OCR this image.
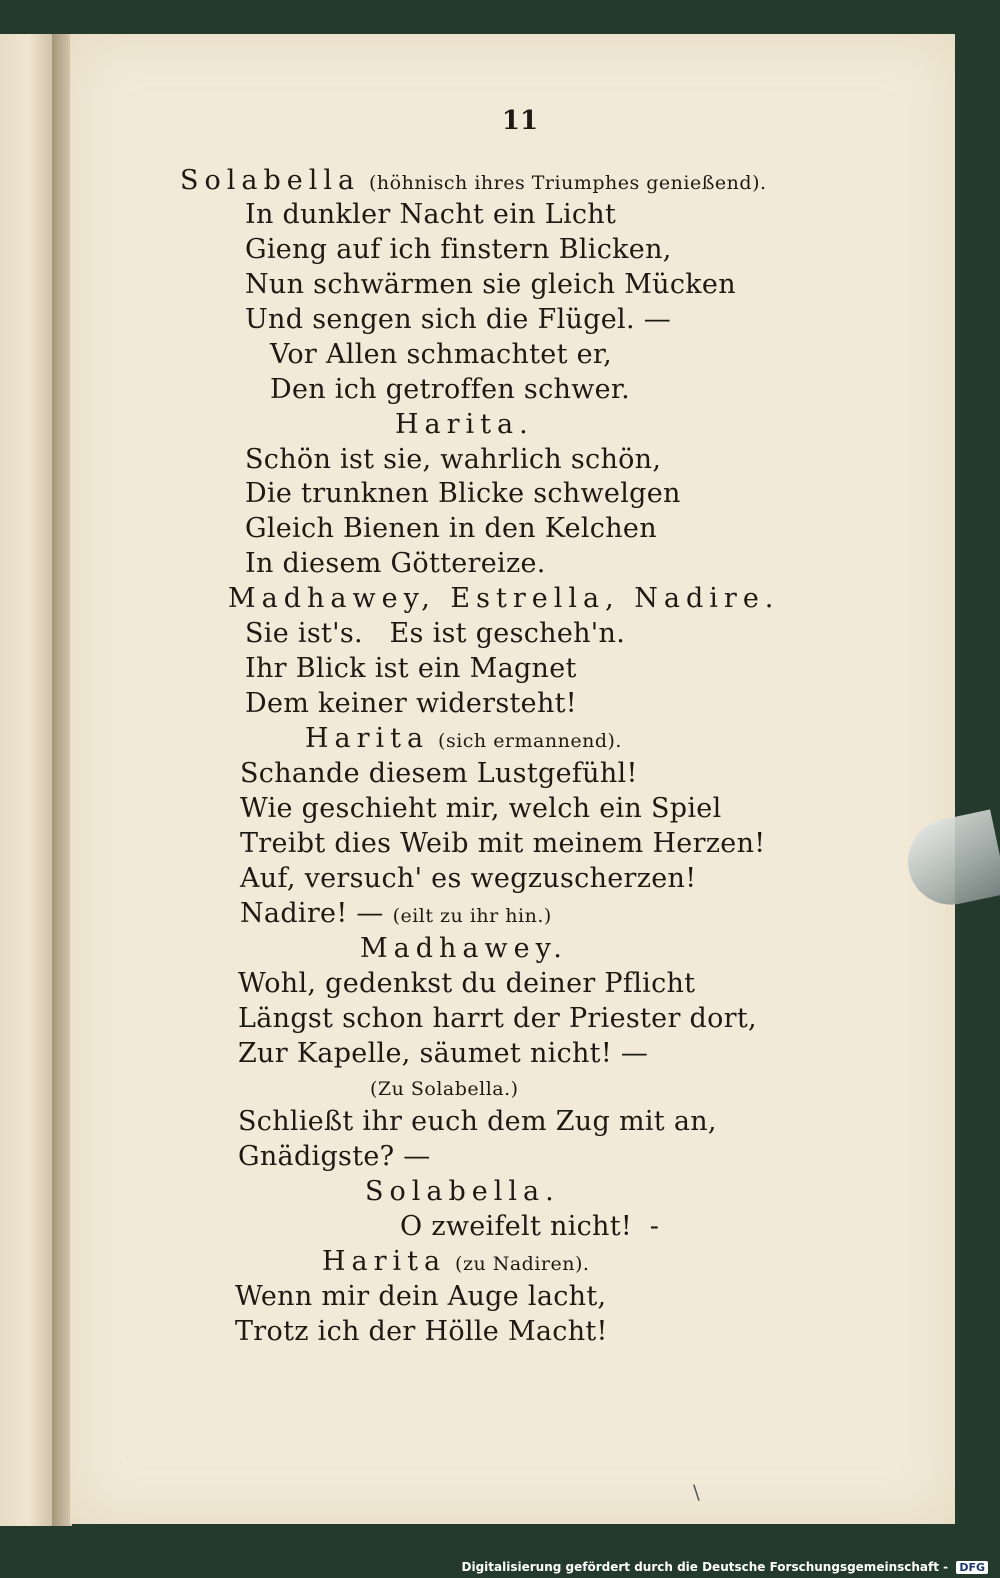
11
Solabella (höhnisch ihres Triumphes genießend).
In dunkler Nacht ein Licht
Gieng auf ich finstern Blicken,
Nun schwärmen sie gleich Mücken
Und sengen sich die Flügel. —
Vor Allen schmachtet er,
Den ich getroffen schwer.
Harita.
Schön ist sie, wahrlich schön,
Die trunknen Blicke schwelgen
Gleich Bienen in den Kelchen
In diesem Göttereize.
Madhawey, Estrella, Nadire.
Sie ist's.   Es ist gescheh'n.
Ihr Blick ist ein Magnet
Dem keiner widersteht!
Harita (sich ermannend).
Schande diesem Lustgefühl!
Wie geschieht mir, welch ein Spiel
Treibt dies Weib mit meinem Herzen!
Auf, versuch' es wegzuscherzen!
Nadire! — (eilt zu ihr hin.)
Madhawey.
Wohl, gedenkst du deiner Pflicht
Längst schon harrt der Priester dort,
Zur Kapelle, säumet nicht! —
(Zu Solabella.)
Schließt ihr euch dem Zug mit an,
Gnädigste? —
Solabella.
O zweifelt nicht!  -
Harita (zu Nadiren).
Wenn mir dein Auge lacht,
Trotz ich der Hölle Macht!
\
Digitalisierung gefördert durch die Deutsche Forschungsgemeinschaft - DFG
